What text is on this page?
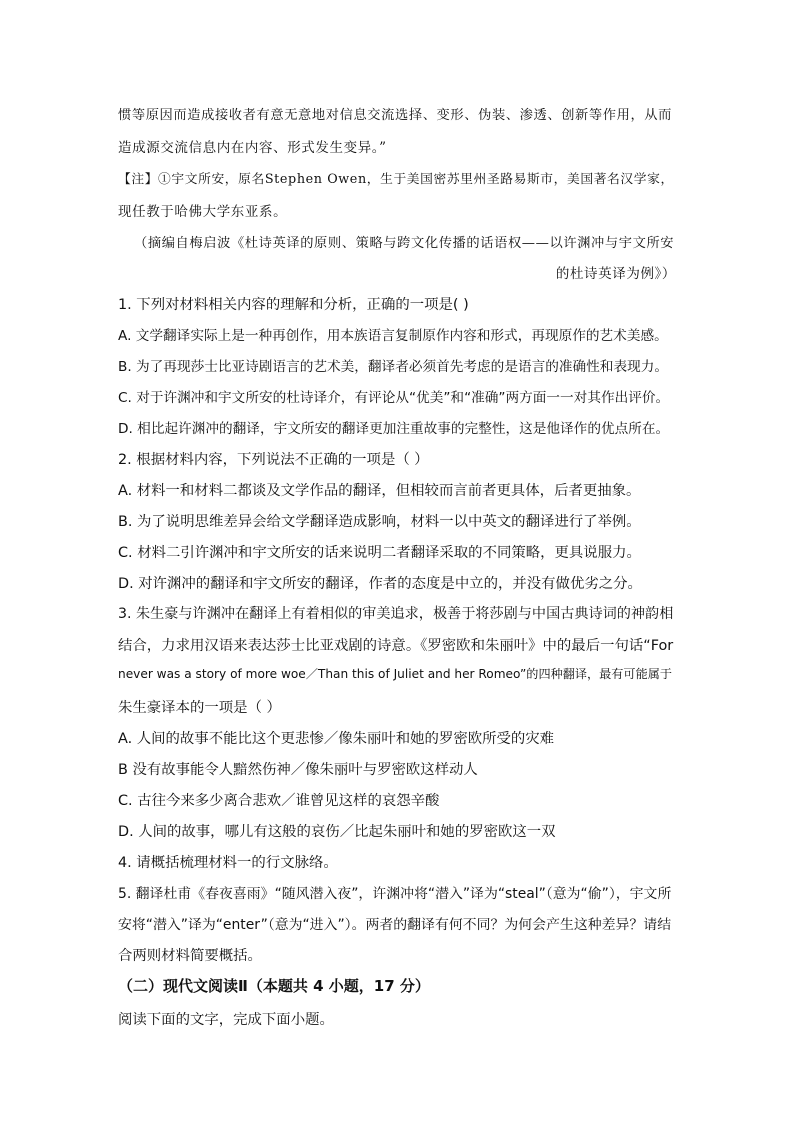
惯等原因而造成接收者有意无意地对信息交流选择、变形、伪装、渗透、创新等作用，从而
造成源交流信息内在内容、形式发生变异。”
【注】①宇文所安，原名Stephen Owen，生于美国密苏里州圣路易斯市，美国著名汉学家，
现任教于哈佛大学东亚系。
（摘编自梅启波《杜诗英译的原则、策略与跨文化传播的话语权——以许渊冲与宇文所安
的杜诗英译为例》）
1. 下列对材料相关内容的理解和分析，正确的一项是( )
A. 文学翻译实际上是一种再创作，用本族语言复制原作内容和形式，再现原作的艺术美感。
B. 为了再现莎士比亚诗剧语言的艺术美，翻译者必须首先考虑的是语言的准确性和表现力。
C. 对于许渊冲和宇文所安的杜诗译介，有评论从“优美”和“准确”两方面一一对其作出评价。
D. 相比起许渊冲的翻译，宇文所安的翻译更加注重故事的完整性，这是他译作的优点所在。
2. 根据材料内容，下列说法不正确的一项是（ ）
A. 材料一和材料二都谈及文学作品的翻译，但相较而言前者更具体，后者更抽象。
B. 为了说明思维差异会给文学翻译造成影响，材料一以中英文的翻译进行了举例。
C. 材料二引许渊冲和宇文所安的话来说明二者翻译采取的不同策略，更具说服力。
D. 对许渊冲的翻译和宇文所安的翻译，作者的态度是中立的，并没有做优劣之分。
3. 朱生豪与许渊冲在翻译上有着相似的审美追求，极善于将莎剧与中国古典诗词的神韵相
结合，力求用汉语来表达莎士比亚戏剧的诗意。《罗密欧和朱丽叶》中的最后一句话“For
never was a story of more woe／Than this of Juliet and her Romeo”的四种翻译，最有可能属于
朱生豪译本的一项是（ ）
A. 人间的故事不能比这个更悲惨／像朱丽叶和她的罗密欧所受的灾难
B 没有故事能令人黯然伤神／像朱丽叶与罗密欧这样动人
C. 古往今来多少离合悲欢／谁曾见这样的哀怨辛酸
D. 人间的故事，哪儿有这般的哀伤／比起朱丽叶和她的罗密欧这一双
4. 请概括梳理材料一的行文脉络。
5. 翻译杜甫《春夜喜雨》“随风潜入夜”，许渊冲将“潜入”译为“steal”（意为“偷”），宇文所
安将“潜入”译为“enter”（意为“进入”）。两者的翻译有何不同？为何会产生这种差异？请结
合两则材料简要概括。
（二）现代文阅读Ⅱ（本题共 4 小题，17 分）
阅读下面的文字，完成下面小题。
